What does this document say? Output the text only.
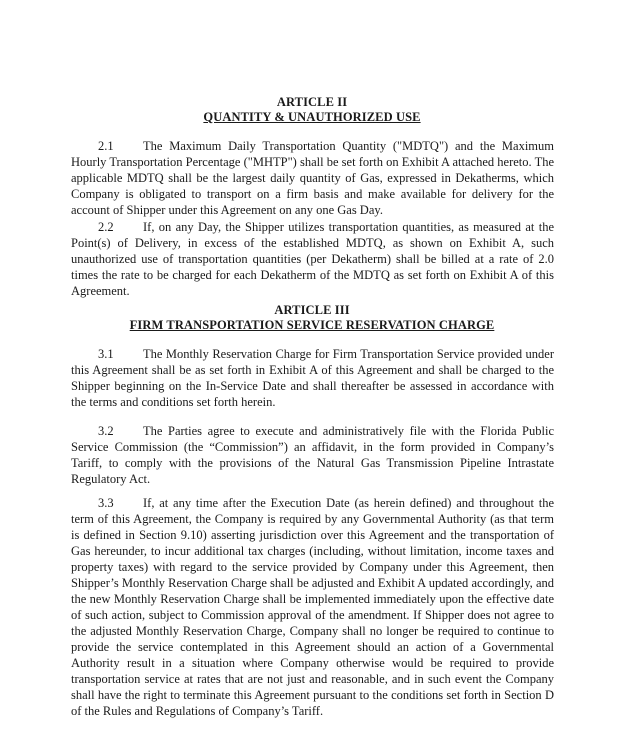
ARTICLE II
QUANTITY & UNAUTHORIZED USE
2.1 The Maximum Daily Transportation Quantity ("MDTQ") and the Maximum Hourly Transportation Percentage ("MHTP") shall be set forth on Exhibit A attached hereto. The applicable MDTQ shall be the largest daily quantity of Gas, expressed in Dekatherms, which Company is obligated to transport on a firm basis and make available for delivery for the account of Shipper under this Agreement on any one Gas Day.
2.2 If, on any Day, the Shipper utilizes transportation quantities, as measured at the Point(s) of Delivery, in excess of the established MDTQ, as shown on Exhibit A, such unauthorized use of transportation quantities (per Dekatherm) shall be billed at a rate of 2.0 times the rate to be charged for each Dekatherm of the MDTQ as set forth on Exhibit A of this Agreement.
ARTICLE III
FIRM TRANSPORTATION SERVICE RESERVATION CHARGE
3.1 The Monthly Reservation Charge for Firm Transportation Service provided under this Agreement shall be as set forth in Exhibit A of this Agreement and shall be charged to the Shipper beginning on the In-Service Date and shall thereafter be assessed in accordance with the terms and conditions set forth herein.
3.2 The Parties agree to execute and administratively file with the Florida Public Service Commission (the “Commission”) an affidavit, in the form provided in Company’s Tariff, to comply with the provisions of the Natural Gas Transmission Pipeline Intrastate Regulatory Act.
3.3 If, at any time after the Execution Date (as herein defined) and throughout the term of this Agreement, the Company is required by any Governmental Authority (as that term is defined in Section 9.10) asserting jurisdiction over this Agreement and the transportation of Gas hereunder, to incur additional tax charges (including, without limitation, income taxes and property taxes) with regard to the service provided by Company under this Agreement, then Shipper’s Monthly Reservation Charge shall be adjusted and Exhibit A updated accordingly, and the new Monthly Reservation Charge shall be implemented immediately upon the effective date of such action, subject to Commission approval of the amendment. If Shipper does not agree to the adjusted Monthly Reservation Charge, Company shall no longer be required to continue to provide the service contemplated in this Agreement should an action of a Governmental Authority result in a situation where Company otherwise would be required to provide transportation service at rates that are not just and reasonable, and in such event the Company shall have the right to terminate this Agreement pursuant to the conditions set forth in Section D of the Rules and Regulations of Company’s Tariff.
